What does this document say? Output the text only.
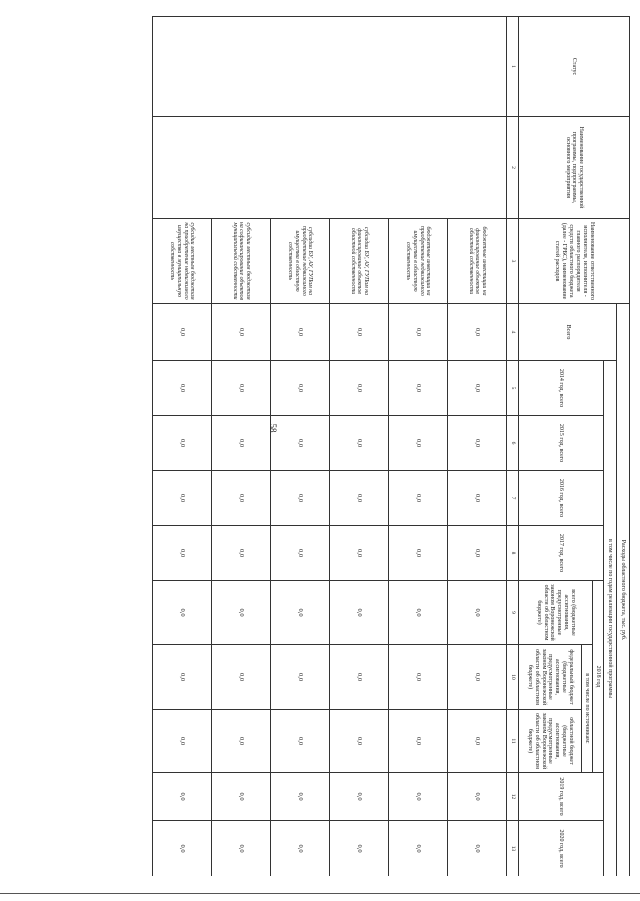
58
Статус	Наименование государственной программы, подпрограммы, основного мероприятия	Наименование ответственного исполнителя, исполнителя - главного распорядителя средств областного бюджета (далее - ГРБС), наименование статей расходов	Расходы областного бюджета, тыс. руб.									
			Всего	в том числе по годам реализации государственной программы								
				2014 год, всего	2015 год, всего	2016 год, всего	2017 год, всего	2018 год			2019 год, всего	2020 год, всего
								всего (бюджетные ассигнования, предусмотренные законом Воронежской области об областном бюджете)	в том числе по источникам:			
									федеральный бюджет (бюджетные ассигнования, предусмотренные законом Воронежской области об областном бюджете)	областной бюджет (бюджетные ассигнования, предусмотренные законом Воронежской области об областном бюджете)		
1	2	3	4	5	6	7	8	9	10	11	12	13
		бюджетные инвестиции на финансирование объектов областной собственности	0,0	0,0	0,0	0,0	0,0	0,0	0,0	0,0	0,0	0,0
		бюджетные инвестиции на приобретение недвижимого имущества в областную собственность	0,0	0,0	0,0	0,0	0,0	0,0	0,0	0,0	0,0	0,0
		субсидии БУ, АУ, ГУПам на финансирование объектов областной собственности	0,0	0,0	0,0	0,0	0,0	0,0	0,0	0,0	0,0	0,0
		субсидии БУ, АУ, ГУПам на приобретение недвижимого имущества в областную собственность	0,0	0,0	0,0	0,0	0,0	0,0	0,0	0,0	0,0	0,0
		субсидии местным бюджетам на софинансирование объектов муниципальной собственности	0,0	0,0	0,0	0,0	0,0	0,0	0,0	0,0	0,0	0,0
		субсидии местным бюджетам на приобретение недвижимого имущества в муниципальную собственность	0,0	0,0	0,0	0,0	0,0	0,0	0,0	0,0	0,0	0,0
